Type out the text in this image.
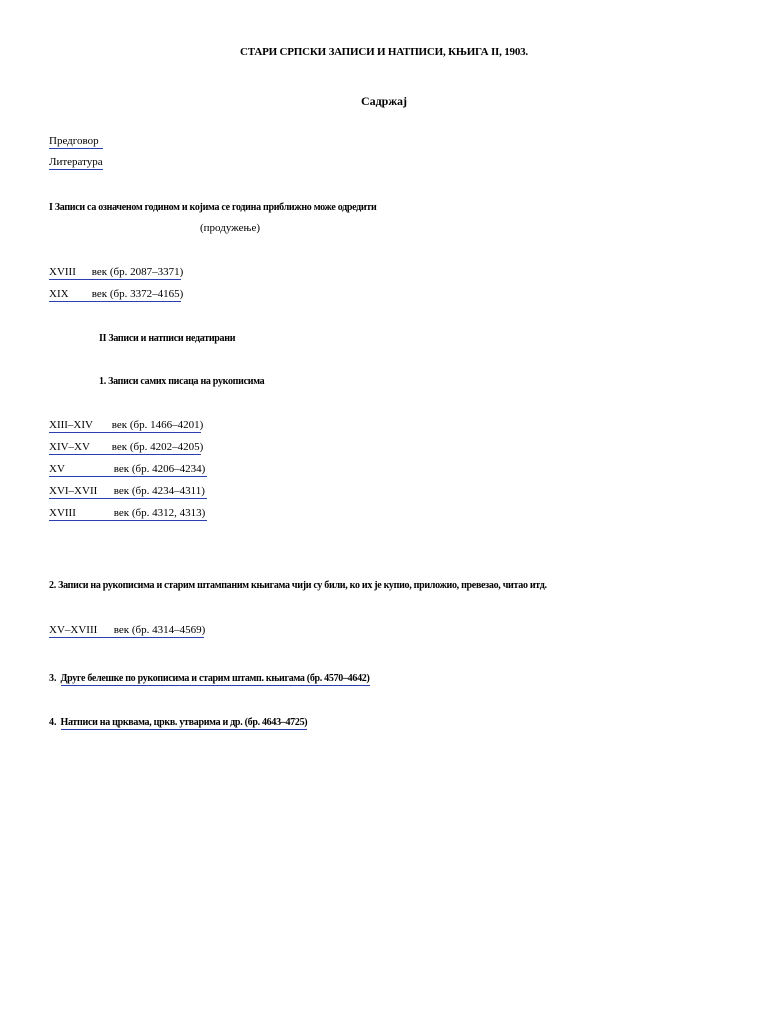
СТАРИ СРПСКИ ЗАПИСИ И НАТПИСИ, КЊИГА II, 1903.
Садржај
Предговор
Литература
I Записи са означеном годином и којима се година приближно може одредити
(продужење)
XVIII век (бр. 2087–3371)
XIX век (бр. 3372–4165)
II Записи и натписи недатирани
1. Записи самих писаца на рукописима
XIII–XIV век (бр. 1466–4201)
XIV–XV век (бр. 4202–4205)
XV	век (бр. 4206–4234)
XVI–XVII век (бр. 4234–4311)
XVIII	век (бр. 4312, 4313)
2. Записи на рукописима и старим штампаним књигама чији су били, ко их је купио, приложио, превезао, читао итд.
XV–XVIII век (бр. 4314–4569)
3. Друге белешке по рукописима и старим штамп. књигама (бр. 4570–4642)
4. Натписи на црквама, цркв. утварима и др. (бр. 4643–4725)
